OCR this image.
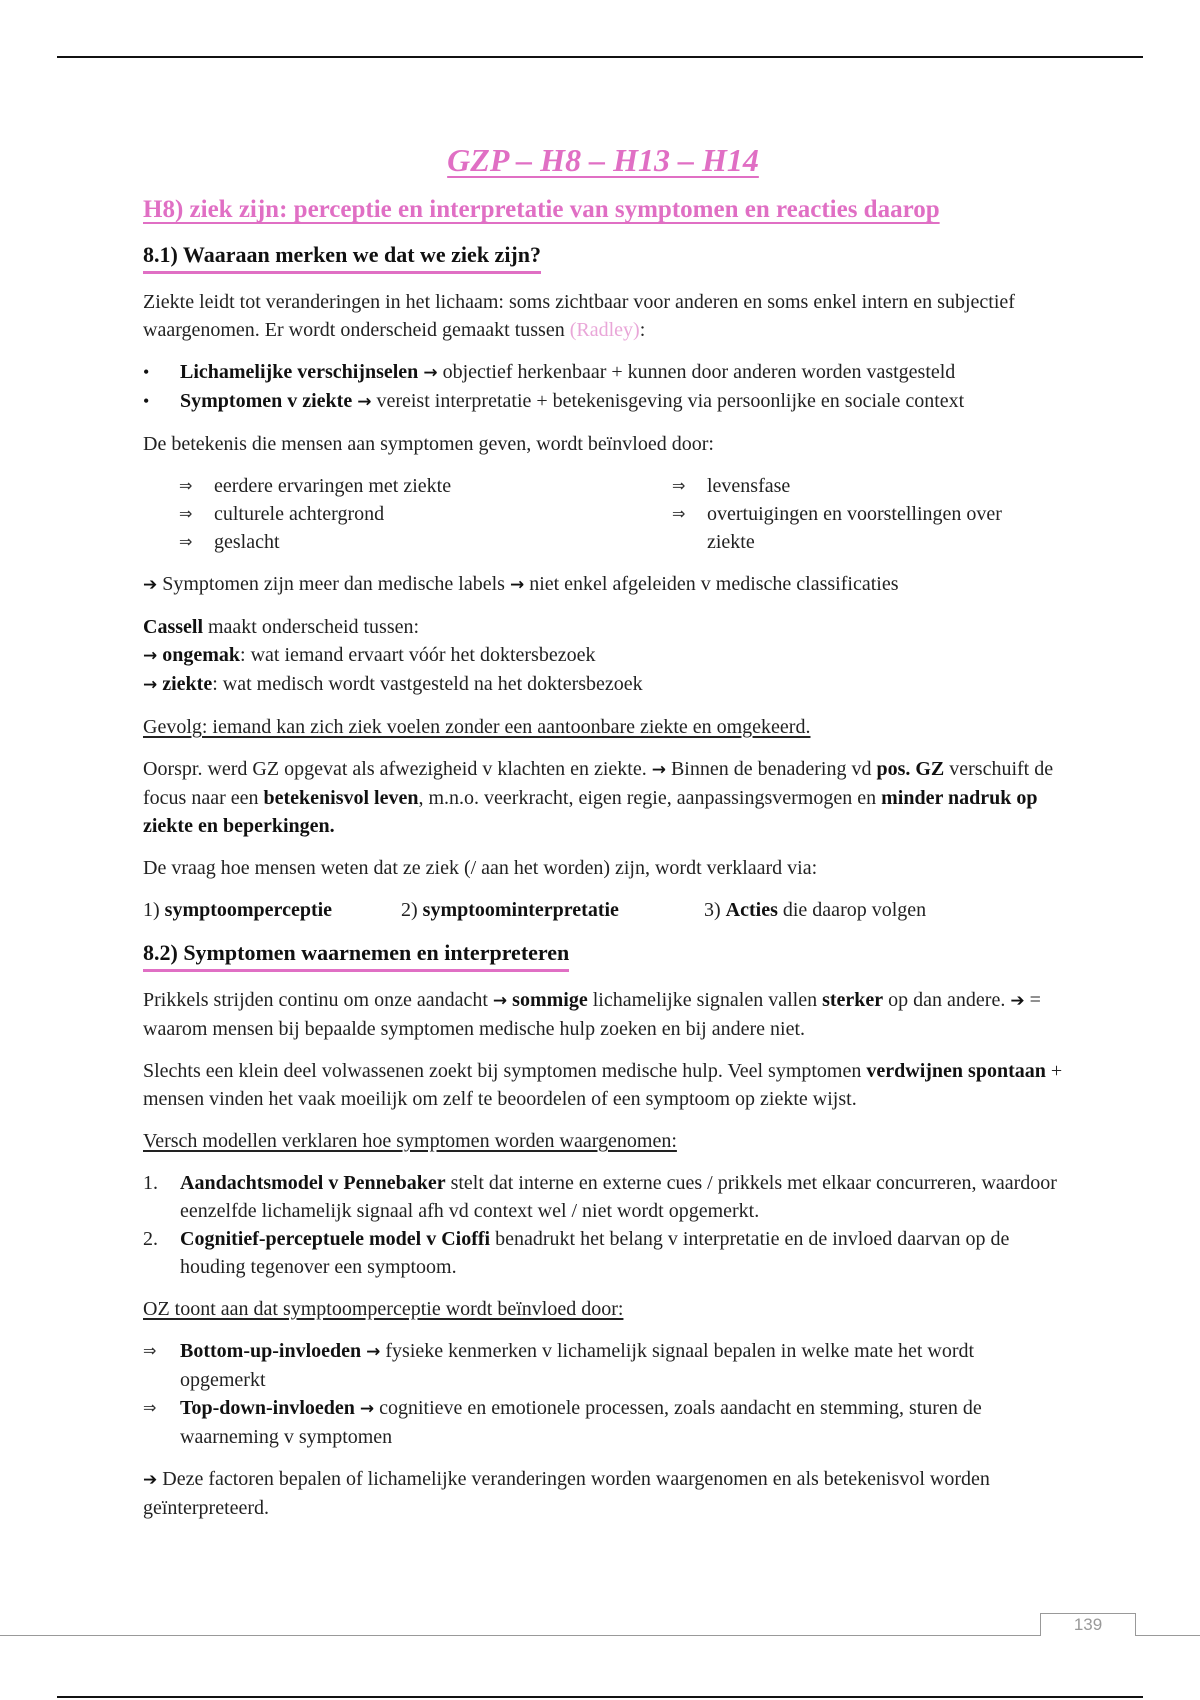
GZP – H8 – H13 – H14
H8) ziek zijn: perceptie en interpretatie van symptomen en reacties daarop
8.1) Waaraan merken we dat we ziek zijn?

Ziekte leidt tot veranderingen in het lichaam: soms zichtbaar voor anderen en soms enkel intern en subjectief waargenomen. Er wordt onderscheid gemaakt tussen (Radley):

• Lichamelijke verschijnselen → objectief herkenbaar + kunnen door anderen worden vastgesteld
• Symptomen v ziekte → vereist interpretatie + betekenisgeving via persoonlijke en sociale context

De betekenis die mensen aan symptomen geven, wordt beïnvloed door:

⇒	eerdere ervaringen met ziekte
⇒	culturele achtergrond
⇒	geslacht
⇒	levensfase
⇒	overtuigingen en voorstellingen over ziekte

➔ Symptomen zijn meer dan medische labels → niet enkel afgeleiden v medische classificaties

Cassell maakt onderscheid tussen:
→ ongemak: wat iemand ervaart vóór het doktersbezoek
→ ziekte: wat medisch wordt vastgesteld na het doktersbezoek

Gevolg: iemand kan zich ziek voelen zonder een aantoonbare ziekte en omgekeerd.

Oorspr. werd GZ opgevat als afwezigheid v klachten en ziekte. → Binnen de benadering vd pos. GZ verschuift de focus naar een betekenisvol leven, m.n.o. veerkracht, eigen regie, aanpassingsvermogen en minder nadruk op ziekte en beperkingen.

De vraag hoe mensen weten dat ze ziek (/ aan het worden) zijn, wordt verklaard via:

1) symptoomperceptie	2) symptoominterpretatie	3) Acties die daarop volgen
8.2) Symptomen waarnemen en interpreteren

Prikkels strijden continu om onze aandacht → sommige lichamelijke signalen vallen sterker op dan andere. ➔ = waarom mensen bij bepaalde symptomen medische hulp zoeken en bij andere niet.

Slechts een klein deel volwassenen zoekt bij symptomen medische hulp. Veel symptomen verdwijnen spontaan + mensen vinden het vaak moeilijk om zelf te beoordelen of een symptoom op ziekte wijst.

Versch modellen verklaren hoe symptomen worden waargenomen:

1.	Aandachtsmodel v Pennebaker stelt dat interne en externe cues / prikkels met elkaar concurreren, waardoor eenzelfde lichamelijk signaal afh vd context wel / niet wordt opgemerkt.
2.	Cognitief-perceptuele model v Cioffi benadrukt het belang v interpretatie en de invloed daarvan op de houding tegenover een symptoom.

OZ toont aan dat symptoomperceptie wordt beïnvloed door:

⇒	Bottom-up-invloeden → fysieke kenmerken v lichamelijk signaal bepalen in welke mate het wordt opgemerkt
⇒	Top-down-invloeden → cognitieve en emotionele processen, zoals aandacht en stemming, sturen de waarneming v symptomen

➔ Deze factoren bepalen of lichamelijke veranderingen worden waargenomen en als betekenisvol worden geïnterpreteerd.

139
